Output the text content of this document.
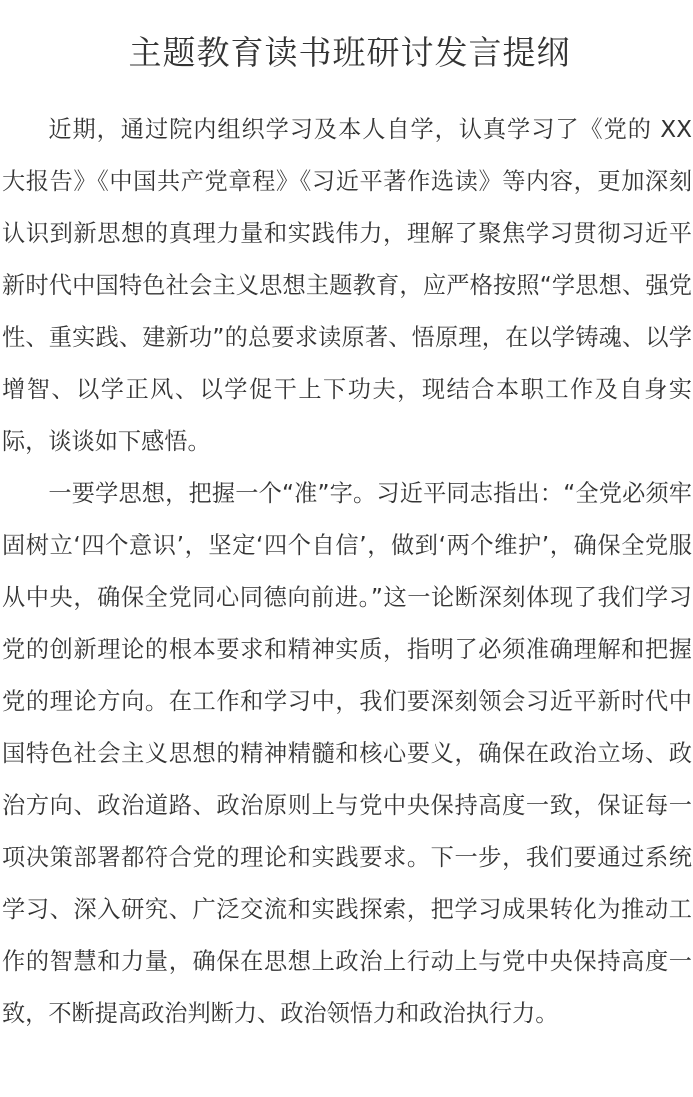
主题教育读书班研讨发言提纲

近期，通过院内组织学习及本人自学，认真学习了《党的 XX 大报告》《中国共产党章程》《习近平著作选读》等内容，更加深刻认识到新思想的真理力量和实践伟力，理解了聚焦学习贯彻习近平新时代中国特色社会主义思想主题教育，应严格按照“学思想、强党性、重实践、建新功”的总要求读原著、悟原理，在以学铸魂、以学增智、以学正风、以学促干上下功夫，现结合本职工作及自身实际，谈谈如下感悟。

一要学思想，把握一个“准”字。习近平同志指出：“全党必须牢固树立‘四个意识’，坚定‘四个自信’，做到‘两个维护’，确保全党服从中央，确保全党同心同德向前进。”这一论断深刻体现了我们学习党的创新理论的根本要求和精神实质，指明了必须准确理解和把握党的理论方向。在工作和学习中，我们要深刻领会习近平新时代中国特色社会主义思想的精神精髓和核心要义，确保在政治立场、政治方向、政治道路、政治原则上与党中央保持高度一致，保证每一项决策部署都符合党的理论和实践要求。下一步，我们要通过系统学习、深入研究、广泛交流和实践探索，把学习成果转化为推动工作的智慧和力量，确保在思想上政治上行动上与党中央保持高度一致，不断提高政治判断力、政治领悟力和政治执行力。
